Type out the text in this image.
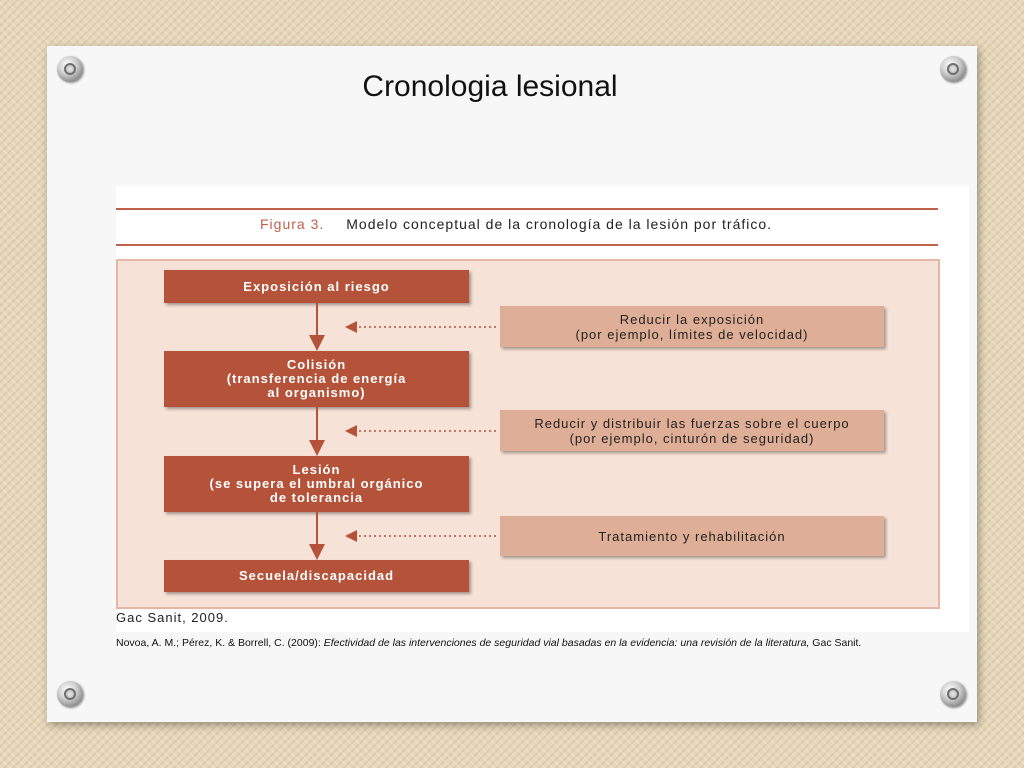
Cronologia lesional
Figura 3. Modelo conceptual de la cronología de la lesión por tráfico.
Exposición al riesgo
Colisión
(transferencia de energía
al organismo)
Lesión
(se supera el umbral orgánico
de tolerancia
Secuela/discapacidad
Reducir la exposición
(por ejemplo, límites de velocidad)
Reducir y distribuir las fuerzas sobre el cuerpo
(por ejemplo, cinturón de seguridad)
Tratamiento y rehabilitación
Gac Sanit, 2009.
Novoa, A. M.; Pérez, K. & Borrell, C. (2009): Efectividad de las intervenciones de seguridad vial basadas en la evidencia: una revisión de la literatura, Gac Sanit.
